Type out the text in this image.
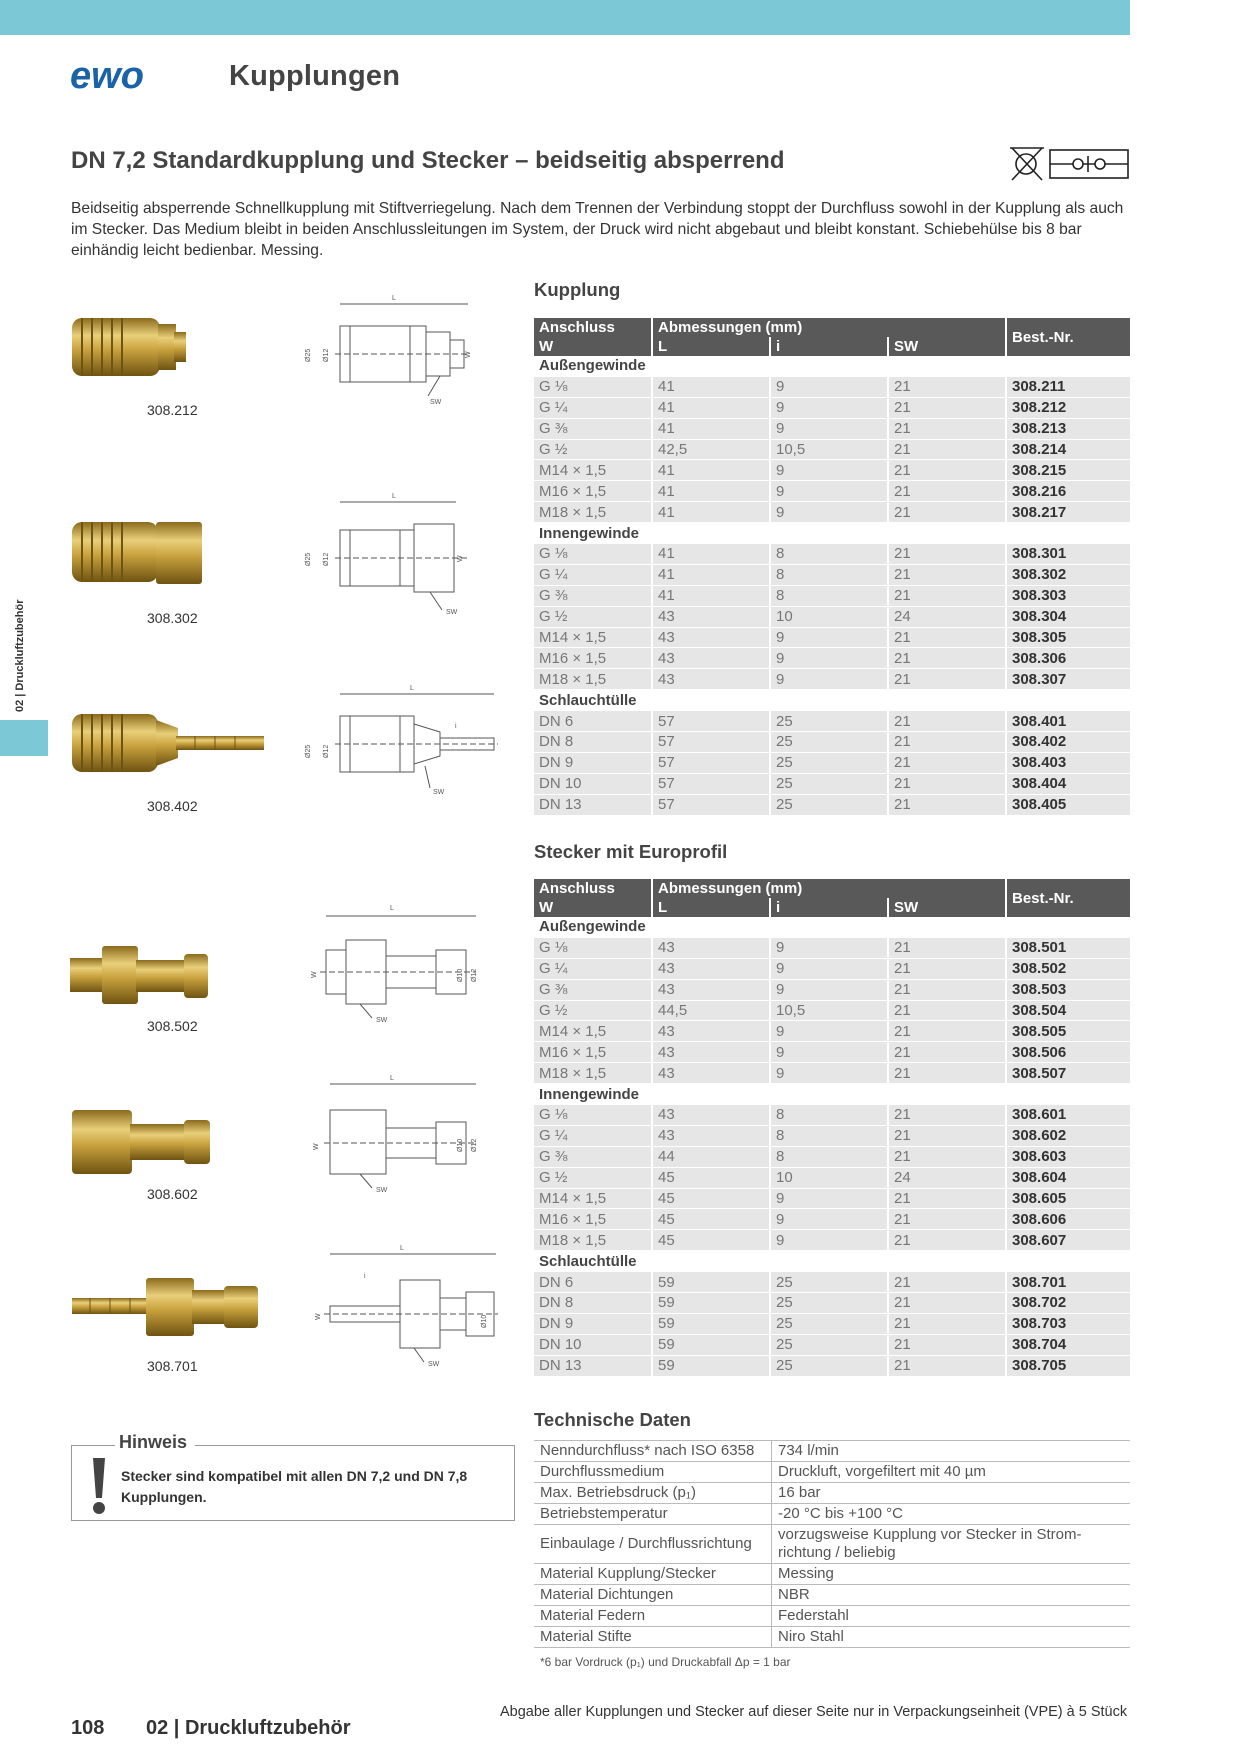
ewo	Kupplungen
DN 7,2 Standardkupplung und Stecker – beidseitig absperrend
Beidseitig absperrende Schnellkupplung mit Stiftverriegelung. Nach dem Trennen der Verbindung stoppt der Durchfluss sowohl in der Kupplung als auch im Stecker. Das Medium bleibt in beiden Anschlussleitungen im System, der Druck wird nicht abgebaut und bleibt konstant. Schiebehülse bis 8 bar einhändig leicht bedienbar. Messing.
02 | Druckluftzubehör
308.212
308.302
308.402
308.502
308.602
308.701
L
SW
Ø25 Ø12	W
L
SW
Ø25 Ø12	W
L
SW
Ø25 Ø12
i
L
SW
W	Ø10 Ø12
L
SW
W	Ø10 Ø12
L
SW
W
i
Ø10
Kupplung
Anschluss	Abmessungen (mm)			Best.-Nr.
W	L	i	SW	
Außengewinde				
G ⅛	41	9	21	308.211
G ¼	41	9	21	308.212
G ⅜	41	9	21	308.213
G ½	42,5	10,5	21	308.214
M14 × 1,5	41	9	21	308.215
M16 × 1,5	41	9	21	308.216
M18 × 1,5	41	9	21	308.217
Innengewinde				
G ⅛	41	8	21	308.301
G ¼	41	8	21	308.302
G ⅜	41	8	21	308.303
G ½	43	10	24	308.304
M14 × 1,5	43	9	21	308.305
M16 × 1,5	43	9	21	308.306
M18 × 1,5	43	9	21	308.307
Schlauchtülle				
DN 6	57	25	21	308.401
DN 8	57	25	21	308.402
DN 9	57	25	21	308.403
DN 10	57	25	21	308.404
DN 13	57	25	21	308.405
Stecker mit Europrofil
Anschluss	Abmessungen (mm)			Best.-Nr.
W	L	i	SW	
Außengewinde				
G ⅛	43	9	21	308.501
G ¼	43	9	21	308.502
G ⅜	43	9	21	308.503
G ½	44,5	10,5	21	308.504
M14 × 1,5	43	9	21	308.505
M16 × 1,5	43	9	21	308.506
M18 × 1,5	43	9	21	308.507
Innengewinde				
G ⅛	43	8	21	308.601
G ¼	43	8	21	308.602
G ⅜	44	8	21	308.603
G ½	45	10	24	308.604
M14 × 1,5	45	9	21	308.605
M16 × 1,5	45	9	21	308.606
M18 × 1,5	45	9	21	308.607
Schlauchtülle				
DN 6	59	25	21	308.701
DN 8	59	25	21	308.702
DN 9	59	25	21	308.703
DN 10	59	25	21	308.704
DN 13	59	25	21	308.705
Hinweis
Stecker sind kompatibel mit allen DN 7,2 und DN 7,8 Kupplungen.
Technische Daten
Nenndurchfluss* nach ISO 6358	734 l/min
Durchflussmedium	Druckluft, vorgefiltert mit 40 µm
Max. Betriebsdruck (p₁)	16 bar
Betriebstemperatur	-20 °C bis +100 °C
Einbaulage / Durchflussrichtung	vorzugsweise Kupplung vor Stecker in Strom-richtung / beliebig
Material Kupplung/Stecker	Messing
Material Dichtungen	NBR
Material Federn	Federstahl
Material Stifte	Niro Stahl
*6 bar Vordruck (p₁) und Druckabfall Δp = 1 bar
Abgabe aller Kupplungen und Stecker auf dieser Seite nur in Verpackungseinheit (VPE) à 5 Stück
108 02 | Druckluftzubehör
